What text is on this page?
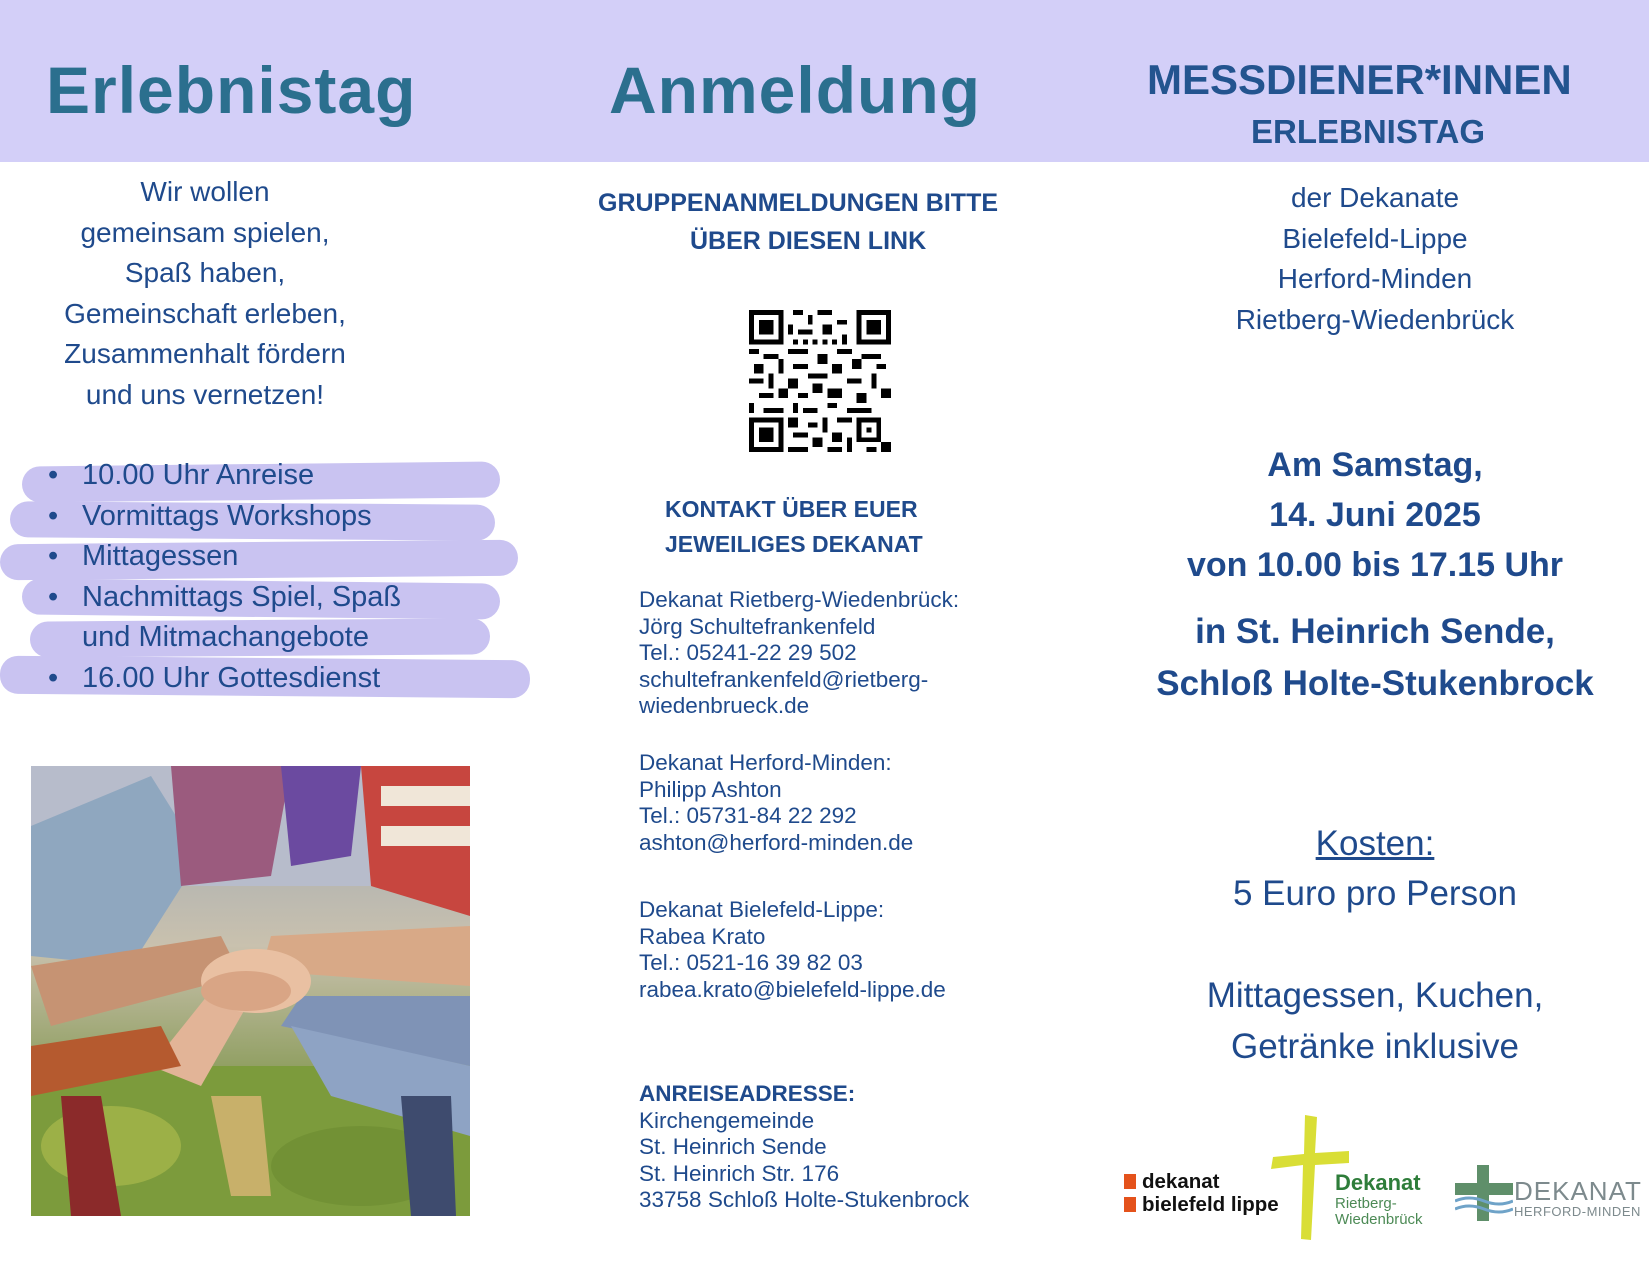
Erlebnistag	Anmeldung	MESSDIENER*INNEN
ERLEBNISTAG
Wir wollen
gemeinsam spielen,
Spaß haben,
Gemeinschaft erleben,
Zusammenhalt fördern
und uns vernetzen!
• 10.00 Uhr Anreise
• Vormittags Workshops
• Mittagessen
• Nachmittags Spiel, Spaß
und Mitmachangebote
• 16.00 Uhr Gottesdienst
GRUPPENANMELDUNGEN BITTE
ÜBER DIESEN LINK
KONTAKT ÜBER EUER
JEWEILIGES DEKANAT
Dekanat Rietberg-Wiedenbrück:
Jörg Schultefrankenfeld
Tel.: 05241-22 29 502
schultefrankenfeld@rietberg-
wiedenbrueck.de
Dekanat Herford-Minden:
Philipp Ashton
Tel.: 05731-84 22 292
ashton@herford-minden.de
Dekanat Bielefeld-Lippe:
Rabea Krato
Tel.: 0521-16 39 82 03
rabea.krato@bielefeld-lippe.de
ANREISEADRESSE:
Kirchengemeinde
St. Heinrich Sende
St. Heinrich Str. 176
33758 Schloß Holte-Stukenbrock
der Dekanate
Bielefeld-Lippe
Herford-Minden
Rietberg-Wiedenbrück
Am Samstag,
14. Juni 2025
von 10.00 bis 17.15 Uhr
in St. Heinrich Sende,
Schloß Holte-Stukenbrock
Kosten:
5 Euro pro Person
Mittagessen, Kuchen,
Getränke inklusive
dekanat
bielefeld lippe
Dekanat
Rietberg-
Wiedenbrück
DEKANAT
HERFORD-MINDEN
